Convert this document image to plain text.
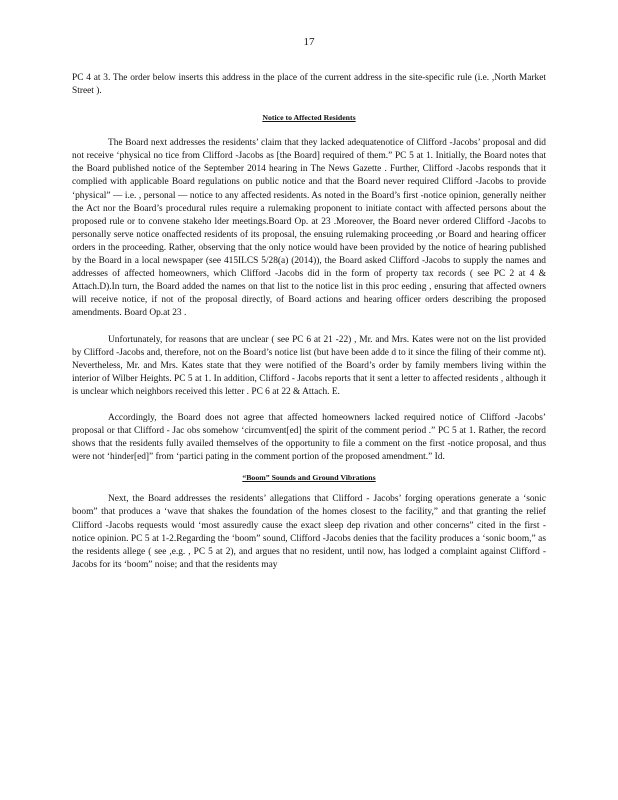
17

PC 4 at 3. The order below inserts this address in the place of the current address in the site-specific rule (i.e. ,North Market Street ).

Notice to Affected Residents

The Board next addresses the residents’ claim that they lacked adequatenotice of Clifford -Jacobs’ proposal and did not receive ‘physical no tice from Clifford -Jacobs as [the Board] required of them.” PC 5 at 1. Initially, the Board notes that the Board published notice of the September 2014 hearing in The News Gazette . Further, Clifford -Jacobs responds that it complied with applicable Board regulations on public notice and that the Board never required Clifford -Jacobs to provide ‘physical” — i.e. , personal — notice to any affected residents. As noted in the Board’s first -notice opinion, generally neither the Act nor the Board’s procedural rules require a rulemaking proponent to initiate contact with affected persons about the proposed rule or to convene stakeho lder meetings.Board Op. at 23 .Moreover, the Board never ordered Clifford -Jacobs to personally serve notice onaffected residents of its proposal, the ensuing rulemaking proceeding ,or Board and hearing officer orders in the proceeding. Rather, observing that the only notice would have been provided by the notice of hearing published by the Board in a local newspaper (see 415ILCS 5/28(a) (2014)), the Board asked Clifford -Jacobs to supply the names and addresses of affected homeowners, which Clifford -Jacobs did in the form of property tax records ( see PC 2 at 4 & Attach.D).In turn, the Board added the names on that list to the notice list in this proc eeding , ensuring that affected owners will receive notice, if not of the proposal directly, of Board actions and hearing officer orders describing the proposed amendments. Board Op.at 23 .

Unfortunately, for reasons that are unclear ( see PC 6 at 21 -22) , Mr. and Mrs. Kates were not on the list provided by Clifford -Jacobs and, therefore, not on the Board’s notice list (but have been adde d to it since the filing of their comme nt). Nevertheless, Mr. and Mrs. Kates state that they were notified of the Board’s order by family members living within the interior of Wilber Heights. PC 5 at 1. In addition, Clifford - Jacobs reports that it sent a letter to affected residents , although it is unclear which neighbors received this letter . PC 6 at 22 & Attach. E.

Accordingly, the Board does not agree that affected homeowners lacked required notice of Clifford -Jacobs’ proposal or that Clifford - Jac obs somehow ‘circumvent[ed] the spirit of the comment period .” PC 5 at 1. Rather, the record shows that the residents fully availed themselves of the opportunity to file a comment on the first -notice proposal, and thus were not ‘hinder[ed]” from ‘partici pating in the comment portion of the proposed amendment.” Id.

“Boom” Sounds and Ground Vibrations

Next, the Board addresses the residents’ allegations that Clifford - Jacobs’ forging operations generate a ‘sonic boom” that produces a ‘wave that shakes the foundation of the homes closest to the facility,” and that granting the relief Clifford -Jacobs requests would ‘most assuredly cause the exact sleep dep rivation and other concerns” cited in the first -notice opinion. PC 5 at 1-2.Regarding the ‘boom” sound, Clifford -Jacobs denies that the facility produces a ‘sonic boom,” as the residents allege ( see ,e.g. , PC 5 at 2), and argues that no resident, until now, has lodged a complaint against Clifford -Jacobs for its ‘boom” noise; and that the residents may
